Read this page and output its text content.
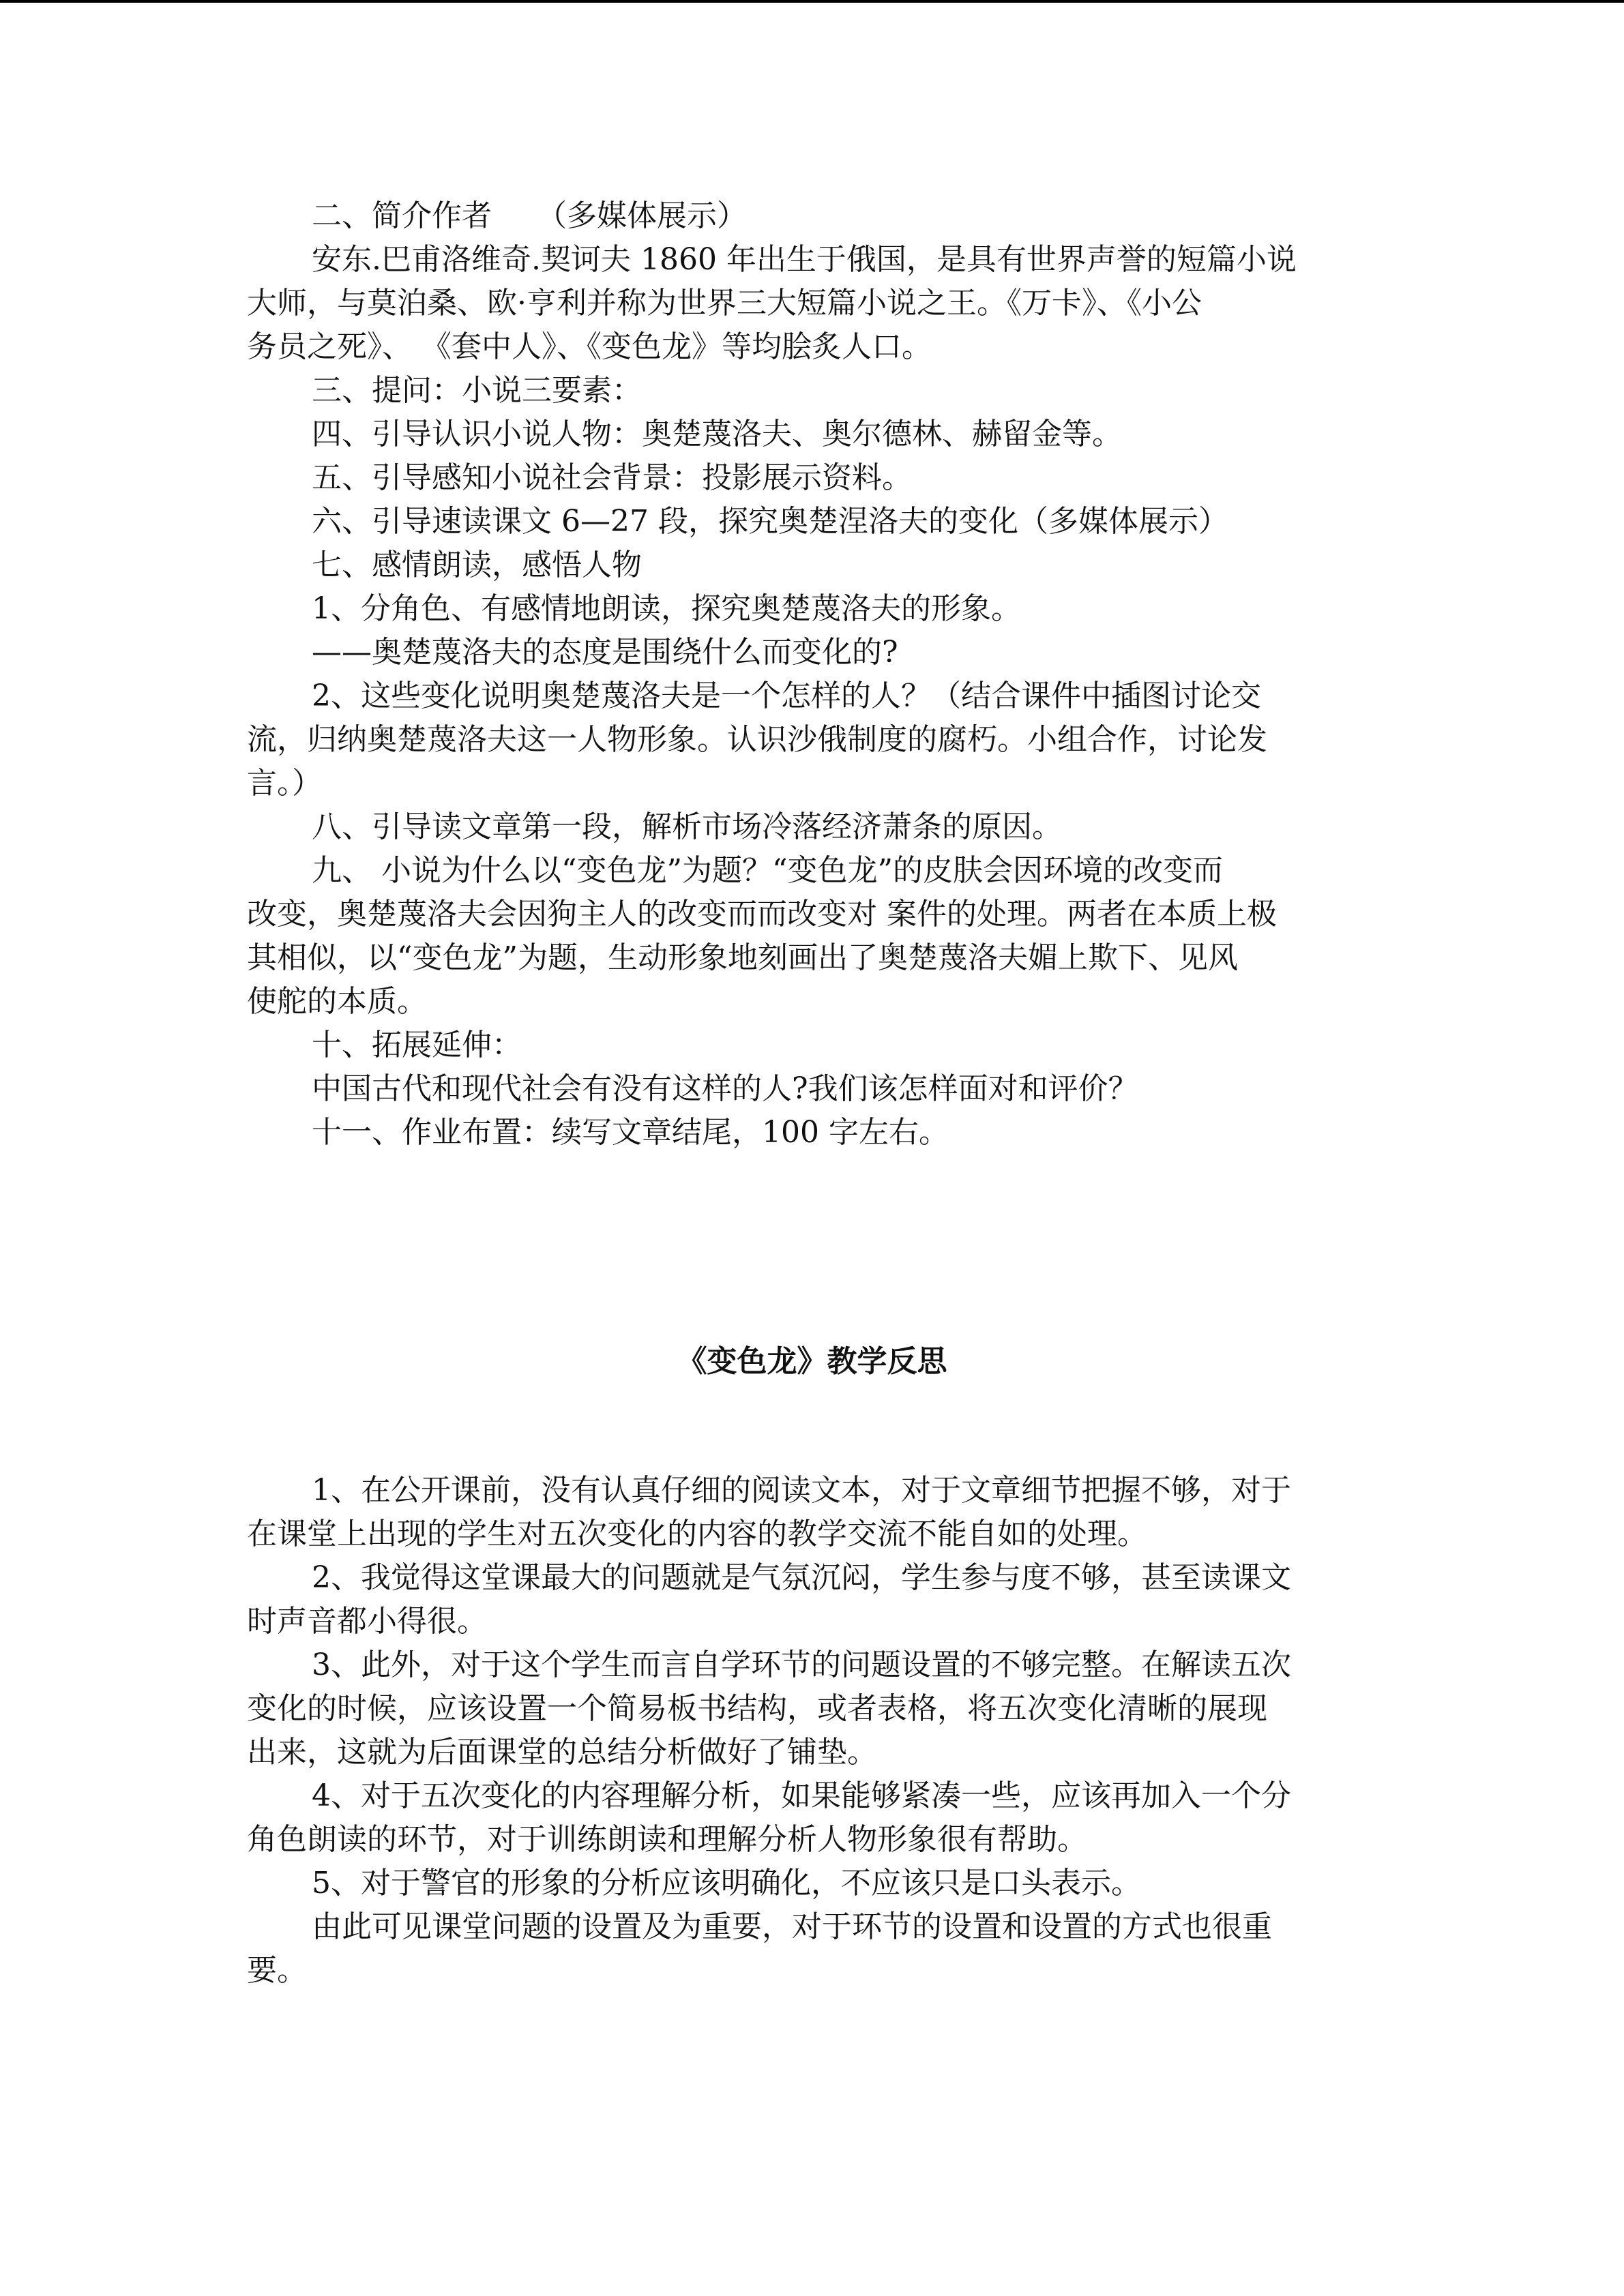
二、简介作者　　（多媒体展示）

安东.巴甫洛维奇.契诃夫 1860 年出生于俄国，是具有世界声誉的短篇小说

大师，与莫泊桑、欧·亨利并称为世界三大短篇小说之王。《万卡》、《小公

务员之死》、 《套中人》、《变色龙》等均脍炙人口。

三、提问：小说三要素：

四、引导认识小说人物：奥楚蔑洛夫、奥尔德林、赫留金等。

五、引导感知小说社会背景：投影展示资料。

六、引导速读课文 6—27 段，探究奥楚涅洛夫的变化（多媒体展示）

七、感情朗读，感悟人物

1、分角色、有感情地朗读，探究奥楚蔑洛夫的形象。

——奥楚蔑洛夫的态度是围绕什么而变化的?

2、这些变化说明奥楚蔑洛夫是一个怎样的人？（结合课件中插图讨论交

流，归纳奥楚蔑洛夫这一人物形象。认识沙俄制度的腐朽。小组合作，讨论发

言。）

八、引导读文章第一段，解析市场冷落经济萧条的原因。

九、 小说为什么以“变色龙”为题？“变色龙”的皮肤会因环境的改变而

改变，奥楚蔑洛夫会因狗主人的改变而而改变对 案件的处理。两者在本质上极

其相似，以“变色龙”为题，生动形象地刻画出了奥楚蔑洛夫媚上欺下、见风

使舵的本质。

十、拓展延伸：

中国古代和现代社会有没有这样的人?我们该怎样面对和评价？

十一、作业布置：续写文章结尾，100 字左右。

《变色龙》教学反思

1、在公开课前，没有认真仔细的阅读文本，对于文章细节把握不够，对于

在课堂上出现的学生对五次变化的内容的教学交流不能自如的处理。

2、我觉得这堂课最大的问题就是气氛沉闷，学生参与度不够，甚至读课文

时声音都小得很。

3、此外，对于这个学生而言自学环节的问题设置的不够完整。在解读五次

变化的时候，应该设置一个简易板书结构，或者表格，将五次变化清晰的展现

出来，这就为后面课堂的总结分析做好了铺垫。

4、对于五次变化的内容理解分析，如果能够紧凑一些，应该再加入一个分

角色朗读的环节，对于训练朗读和理解分析人物形象很有帮助。

5、对于警官的形象的分析应该明确化，不应该只是口头表示。

由此可见课堂问题的设置及为重要，对于环节的设置和设置的方式也很重

要。
